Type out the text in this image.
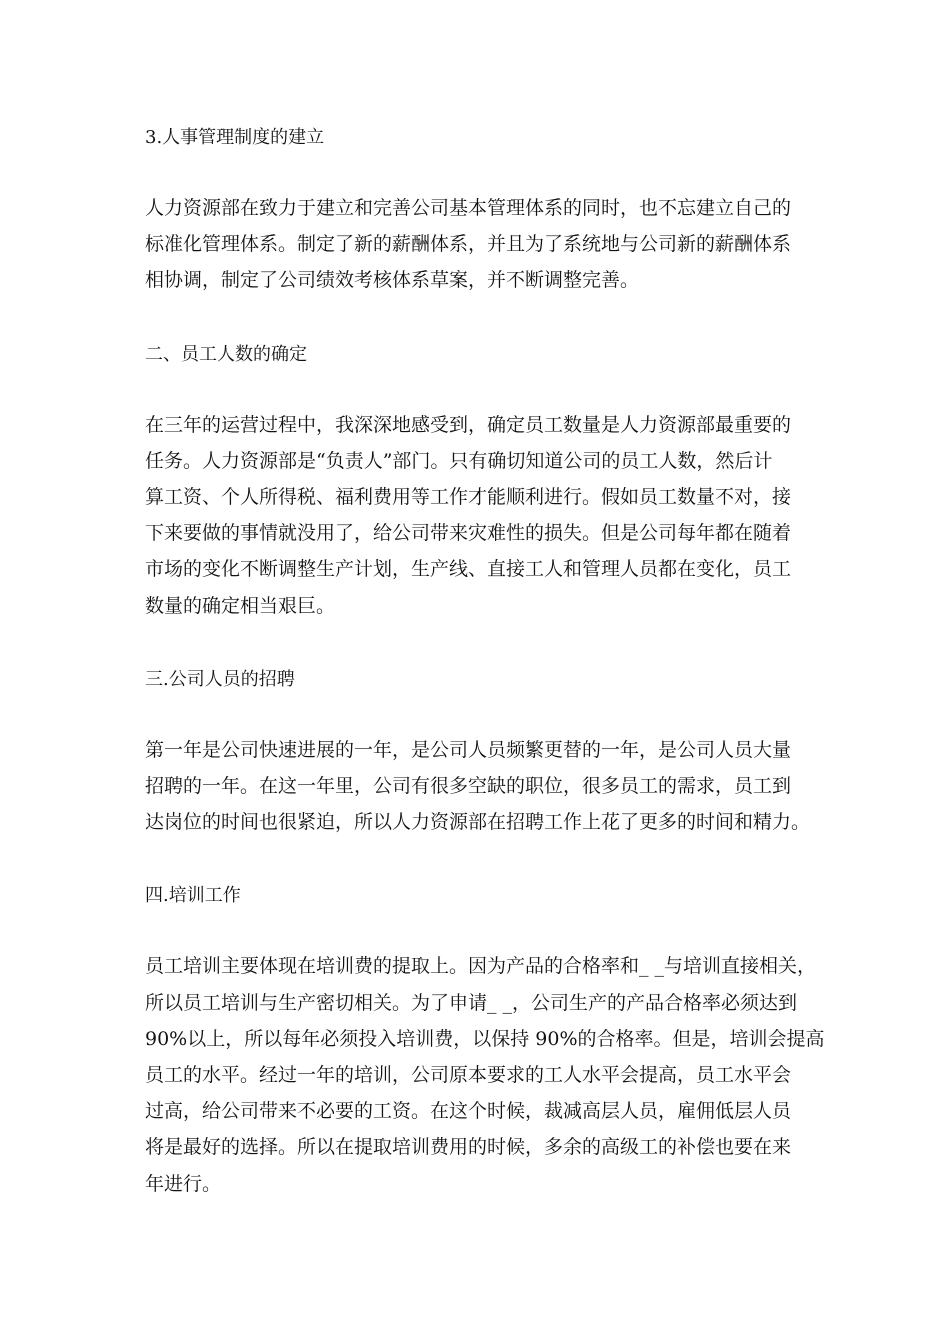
3.人事管理制度的建立
人力资源部在致力于建立和完善公司基本管理体系的同时，也不忘建立自己的
标准化管理体系。制定了新的薪酬体系，并且为了系统地与公司新的薪酬体系
相协调，制定了公司绩效考核体系草案，并不断调整完善。
二、员工人数的确定
在三年的运营过程中，我深深地感受到，确定员工数量是人力资源部最重要的
任务。人力资源部是“负责人”部门。只有确切知道公司的员工人数，然后计
算工资、个人所得税、福利费用等工作才能顺利进行。假如员工数量不对，接
下来要做的事情就没用了，给公司带来灾难性的损失。但是公司每年都在随着
市场的变化不断调整生产计划，生产线、直接工人和管理人员都在变化，员工
数量的确定相当艰巨。
三.公司人员的招聘
第一年是公司快速进展的一年，是公司人员频繁更替的一年，是公司人员大量
招聘的一年。在这一年里，公司有很多空缺的职位，很多员工的需求，员工到
达岗位的时间也很紧迫，所以人力资源部在招聘工作上花了更多的时间和精力。
四.培训工作
员工培训主要体现在培训费的提取上。因为产品的合格率和_ _与培训直接相关，
所以员工培训与生产密切相关。为了申请_ _，公司生产的产品合格率必须达到
90%以上，所以每年必须投入培训费，以保持 90%的合格率。但是，培训会提高
员工的水平。经过一年的培训，公司原本要求的工人水平会提高，员工水平会
过高，给公司带来不必要的工资。在这个时候，裁减高层人员，雇佣低层人员
将是最好的选择。所以在提取培训费用的时候，多余的高级工的补偿也要在来
年进行。
